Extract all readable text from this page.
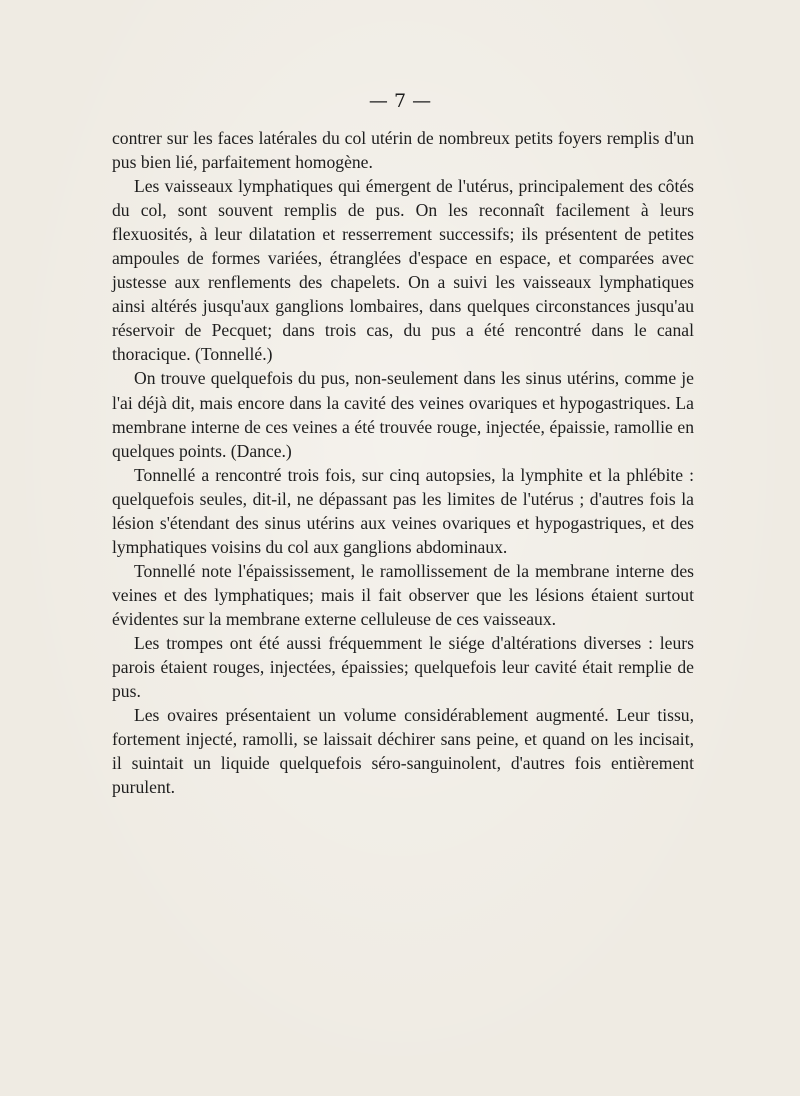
— 7 —

contrer sur les faces latérales du col utérin de nombreux petits foyers remplis d'un pus bien lié, parfaitement homogène.

Les vaisseaux lymphatiques qui émergent de l'utérus, principalement des côtés du col, sont souvent remplis de pus. On les reconnaît facilement à leurs flexuosités, à leur dilatation et resserrement successifs; ils présentent de petites ampoules de formes variées, étranglées d'espace en espace, et comparées avec justesse aux renflements des chapelets. On a suivi les vaisseaux lymphatiques ainsi altérés jusqu'aux ganglions lombaires, dans quelques circonstances jusqu'au réservoir de Pecquet; dans trois cas, du pus a été rencontré dans le canal thoracique. (Tonnellé.)

On trouve quelquefois du pus, non-seulement dans les sinus utérins, comme je l'ai déjà dit, mais encore dans la cavité des veines ovariques et hypogastriques. La membrane interne de ces veines a été trouvée rouge, injectée, épaissie, ramollie en quelques points. (Dance.)

Tonnellé a rencontré trois fois, sur cinq autopsies, la lymphite et la phlébite : quelquefois seules, dit-il, ne dépassant pas les limites de l'utérus ; d'autres fois la lésion s'étendant des sinus utérins aux veines ovariques et hypogastriques, et des lymphatiques voisins du col aux ganglions abdominaux.

Tonnellé note l'épaississement, le ramollissement de la membrane interne des veines et des lymphatiques; mais il fait observer que les lésions étaient surtout évidentes sur la membrane externe celluleuse de ces vaisseaux.

Les trompes ont été aussi fréquemment le siége d'altérations diverses : leurs parois étaient rouges, injectées, épaissies; quelquefois leur cavité était remplie de pus.

Les ovaires présentaient un volume considérablement augmenté. Leur tissu, fortement injecté, ramolli, se laissait déchirer sans peine, et quand on les incisait, il suintait un liquide quelquefois séro-sanguinolent, d'autres fois entièrement purulent.
